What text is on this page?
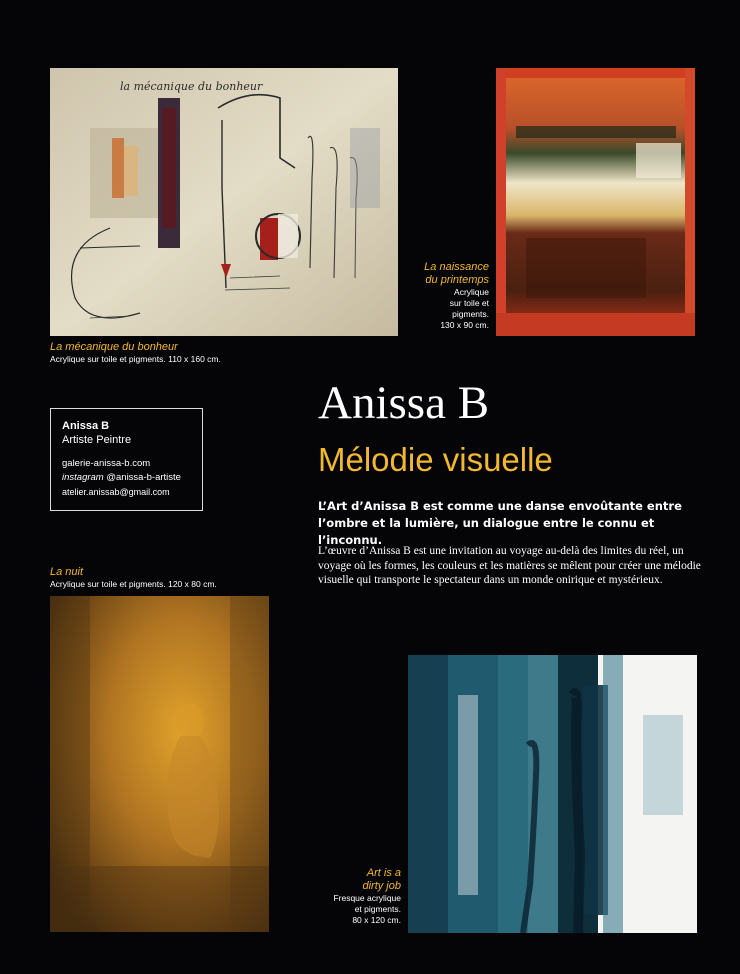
la mécanique du bonheur
La mécanique du bonheur
Acrylique sur toile et pigments. 110 x 160 cm.
La naissance
du printemps
Acrylique
sur toile et
pigments.
130 x 90 cm.
Anissa B
Artiste Peintre
galerie-anissa-b.com
instagram @anissa-b-artiste
atelier.anissab@gmail.com
Anissa B
Mélodie visuelle
L’Art d’Anissa B est comme une danse envoûtante entre l’ombre et la lumière, un dialogue entre le connu et l’inconnu.
L’œuvre d’Anissa B est une invitation au voyage au-delà des limites du réel, un voyage où les formes, les couleurs et les matières se mêlent pour créer une mélodie visuelle qui transporte le spectateur dans un monde onirique et mystérieux.
La nuit
Acrylique sur toile et pigments. 120 x 80 cm.
Art is a
dirty job
Fresque acrylique
et pigments.
80 x 120 cm.
